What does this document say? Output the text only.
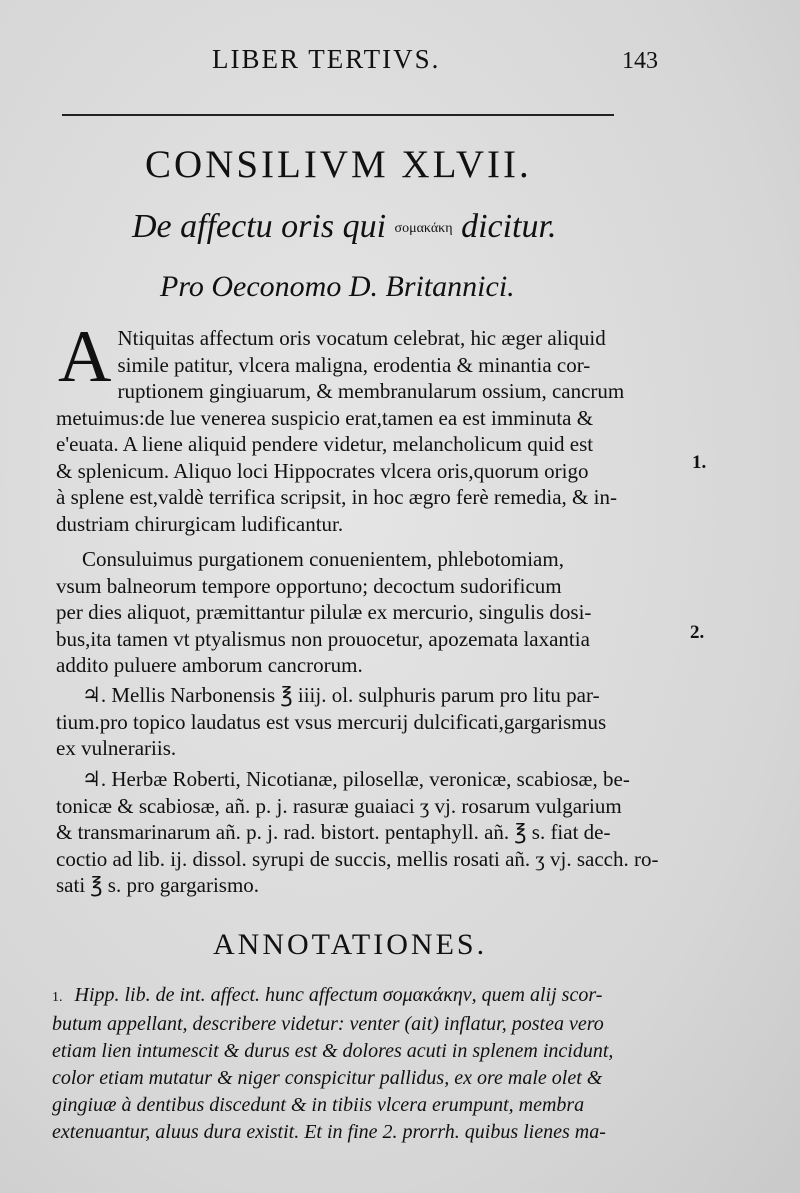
LIBER TERTIVS.	143
CONSILIVM XLVII.
De affectu oris qui σομακάκη dicitur.
Pro Oeconomo D. Britannici.
A Ntiquitas affectum oris vocatum celebrat, hic æger aliquid
simile patitur, vlcera maligna, erodentia & minantia cor-
ruptionem gingiuarum, & membranularum ossium, cancrum
metuimus:de lue venerea suspicio erat,tamen ea est imminuta &
e'euata. A liene aliquid pendere videtur, melancholicum quid est
& splenicum. Aliquo loci Hippocrates vlcera oris,quorum origo
à splene est,valdè terrifica scripsit, in hoc ægro ferè remedia, & in-
dustriam chirurgicam ludificantur.
Consuluimus purgationem conuenientem, phlebotomiam,
vsum balneorum tempore opportuno; decoctum sudorificum
per dies aliquot, præmittantur pilulæ ex mercurio, singulis dosi-
bus,ita tamen vt ptyalismus non prouocetur, apozemata laxantia
addito puluere amborum cancrorum.
♃. Mellis Narbonensis ℥ iiij. ol. sulphuris parum pro litu par-
tium.pro topico laudatus est vsus mercurij dulcificati,gargarismus
ex vulnerariis.
♃. Herbæ Roberti, Nicotianæ, pilosellæ, veronicæ, scabiosæ, be-
tonicæ & scabiosæ, añ. p. j. rasuræ guaiaci ʒ vj. rosarum vulgarium
& transmarinarum añ. p. j. rad. bistort. pentaphyll. añ. ℥ s. fiat de-
coctio ad lib. ij. dissol. syrupi de succis, mellis rosati añ. ʒ vj. sacch. ro-
sati ℥ s. pro gargarismo.
1.
2.
ANNOTATIONES.
1. Hipp. lib. de int. affect. hunc affectum σομακάκην, quem alij scor-
butum appellant, describere videtur: venter (ait) inflatur, postea vero
etiam lien intumescit & durus est & dolores acuti in splenem incidunt,
color etiam mutatur & niger conspicitur pallidus, ex ore male olet &
gingiuæ à dentibus discedunt & in tibiis vlcera erumpunt, membra
extenuantur, aluus dura existit. Et in fine 2. prorrh. quibus lienes ma-
